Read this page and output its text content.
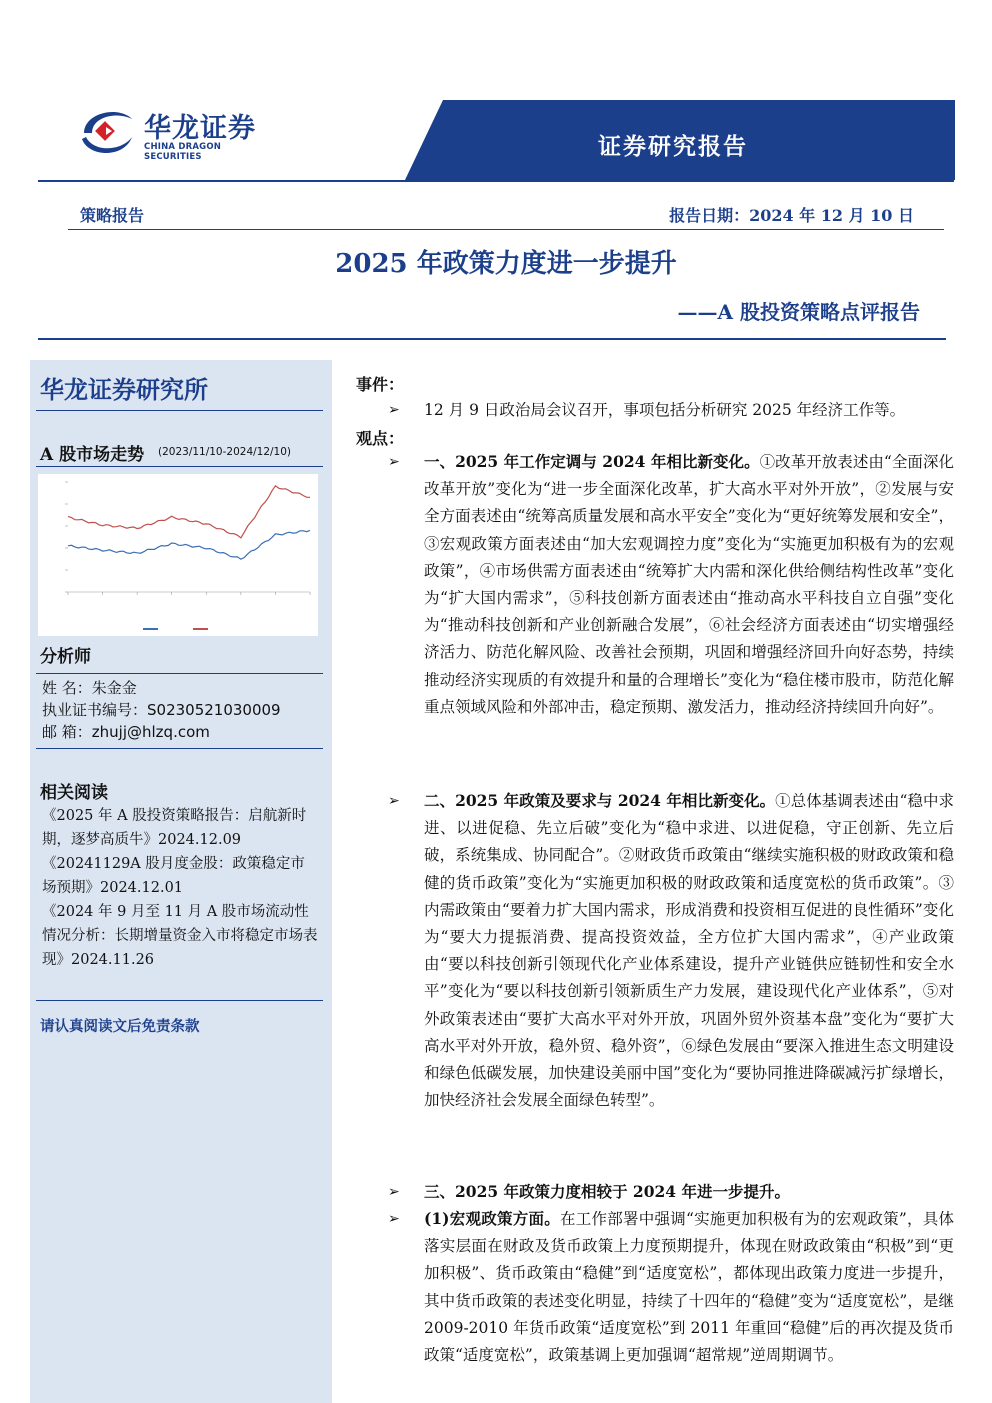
华龙证券
CHINA DRAGON SECURITIES	证券研究报告
策略报告	报告日期：2024 年 12 月 10 日
2025 年政策力度进一步提升
——A 股投资策略点评报告
华龙证券研究所
A 股市场走势 (2023/11/10-2024/12/10)
分析师
姓 名：朱金金
执业证书编号：S0230521030009
邮 箱：zhujj@hlzq.com
相关阅读
《2025 年 A 股投资策略报告：启航新时期，逐梦高质牛》2024.12.09
《20241129A 股月度金股：政策稳定市场预期》2024.12.01
《2024 年 9 月至 11 月 A 股市场流动性情况分析：长期增量资金入市将稳定市场表现》2024.11.26
请认真阅读文后免责条款
事件：
➢ 12 月 9 日政治局会议召开，事项包括分析研究 2025 年经济工作等。
观点：
➢ 一、2025 年工作定调与 2024 年相比新变化。①改革开放表述由“全面深化改革开放”变化为“进一步全面深化改革，扩大高水平对外开放”，②发展与安全方面表述由“统筹高质量发展和高水平安全”变化为“更好统筹发展和安全”，③宏观政策方面表述由“加大宏观调控力度”变化为“实施更加积极有为的宏观政策”，④市场供需方面表述由“统筹扩大内需和深化供给侧结构性改革”变化为“扩大国内需求”，⑤科技创新方面表述由“推动高水平科技自立自强”变化为“推动科技创新和产业创新融合发展”，⑥社会经济方面表述由“切实增强经济活力、防范化解风险、改善社会预期，巩固和增强经济回升向好态势，持续推动经济实现质的有效提升和量的合理增长”变化为“稳住楼市股市，防范化解重点领域风险和外部冲击，稳定预期、激发活力，推动经济持续回升向好”。
➢ 二、2025 年政策及要求与 2024 年相比新变化。①总体基调表述由“稳中求进、以进促稳、先立后破”变化为“稳中求进、以进促稳，守正创新、先立后破，系统集成、协同配合”。②财政货币政策由“继续实施积极的财政政策和稳健的货币政策”变化为“实施更加积极的财政政策和适度宽松的货币政策”。③内需政策由“要着力扩大国内需求，形成消费和投资相互促进的良性循环”变化为“要大力提振消费、提高投资效益，全方位扩大国内需求”，④产业政策由“要以科技创新引领现代化产业体系建设，提升产业链供应链韧性和安全水平”变化为“要以科技创新引领新质生产力发展，建设现代化产业体系”，⑤对外政策表述由“要扩大高水平对外开放，巩固外贸外资基本盘”变化为“要扩大高水平对外开放，稳外贸、稳外资”，⑥绿色发展由“要深入推进生态文明建设和绿色低碳发展，加快建设美丽中国”变化为“要协同推进降碳减污扩绿增长，加快经济社会发展全面绿色转型”。
➢ 三、2025 年政策力度相较于 2024 年进一步提升。
➢ (1)宏观政策方面。在工作部署中强调“实施更加积极有为的宏观政策”，具体落实层面在财政及货币政策上力度预期提升，体现在财政政策由“积极”到“更加积极”、货币政策由“稳健”到“适度宽松”，都体现出政策力度进一步提升，其中货币政策的表述变化明显，持续了十四年的“稳健”变为“适度宽松”，是继 2009-2010 年货币政策“适度宽松”到 2011 年重回“稳健”后的再次提及货币政策“适度宽松”，政策基调上更加强调“超常规”逆周期调节。
